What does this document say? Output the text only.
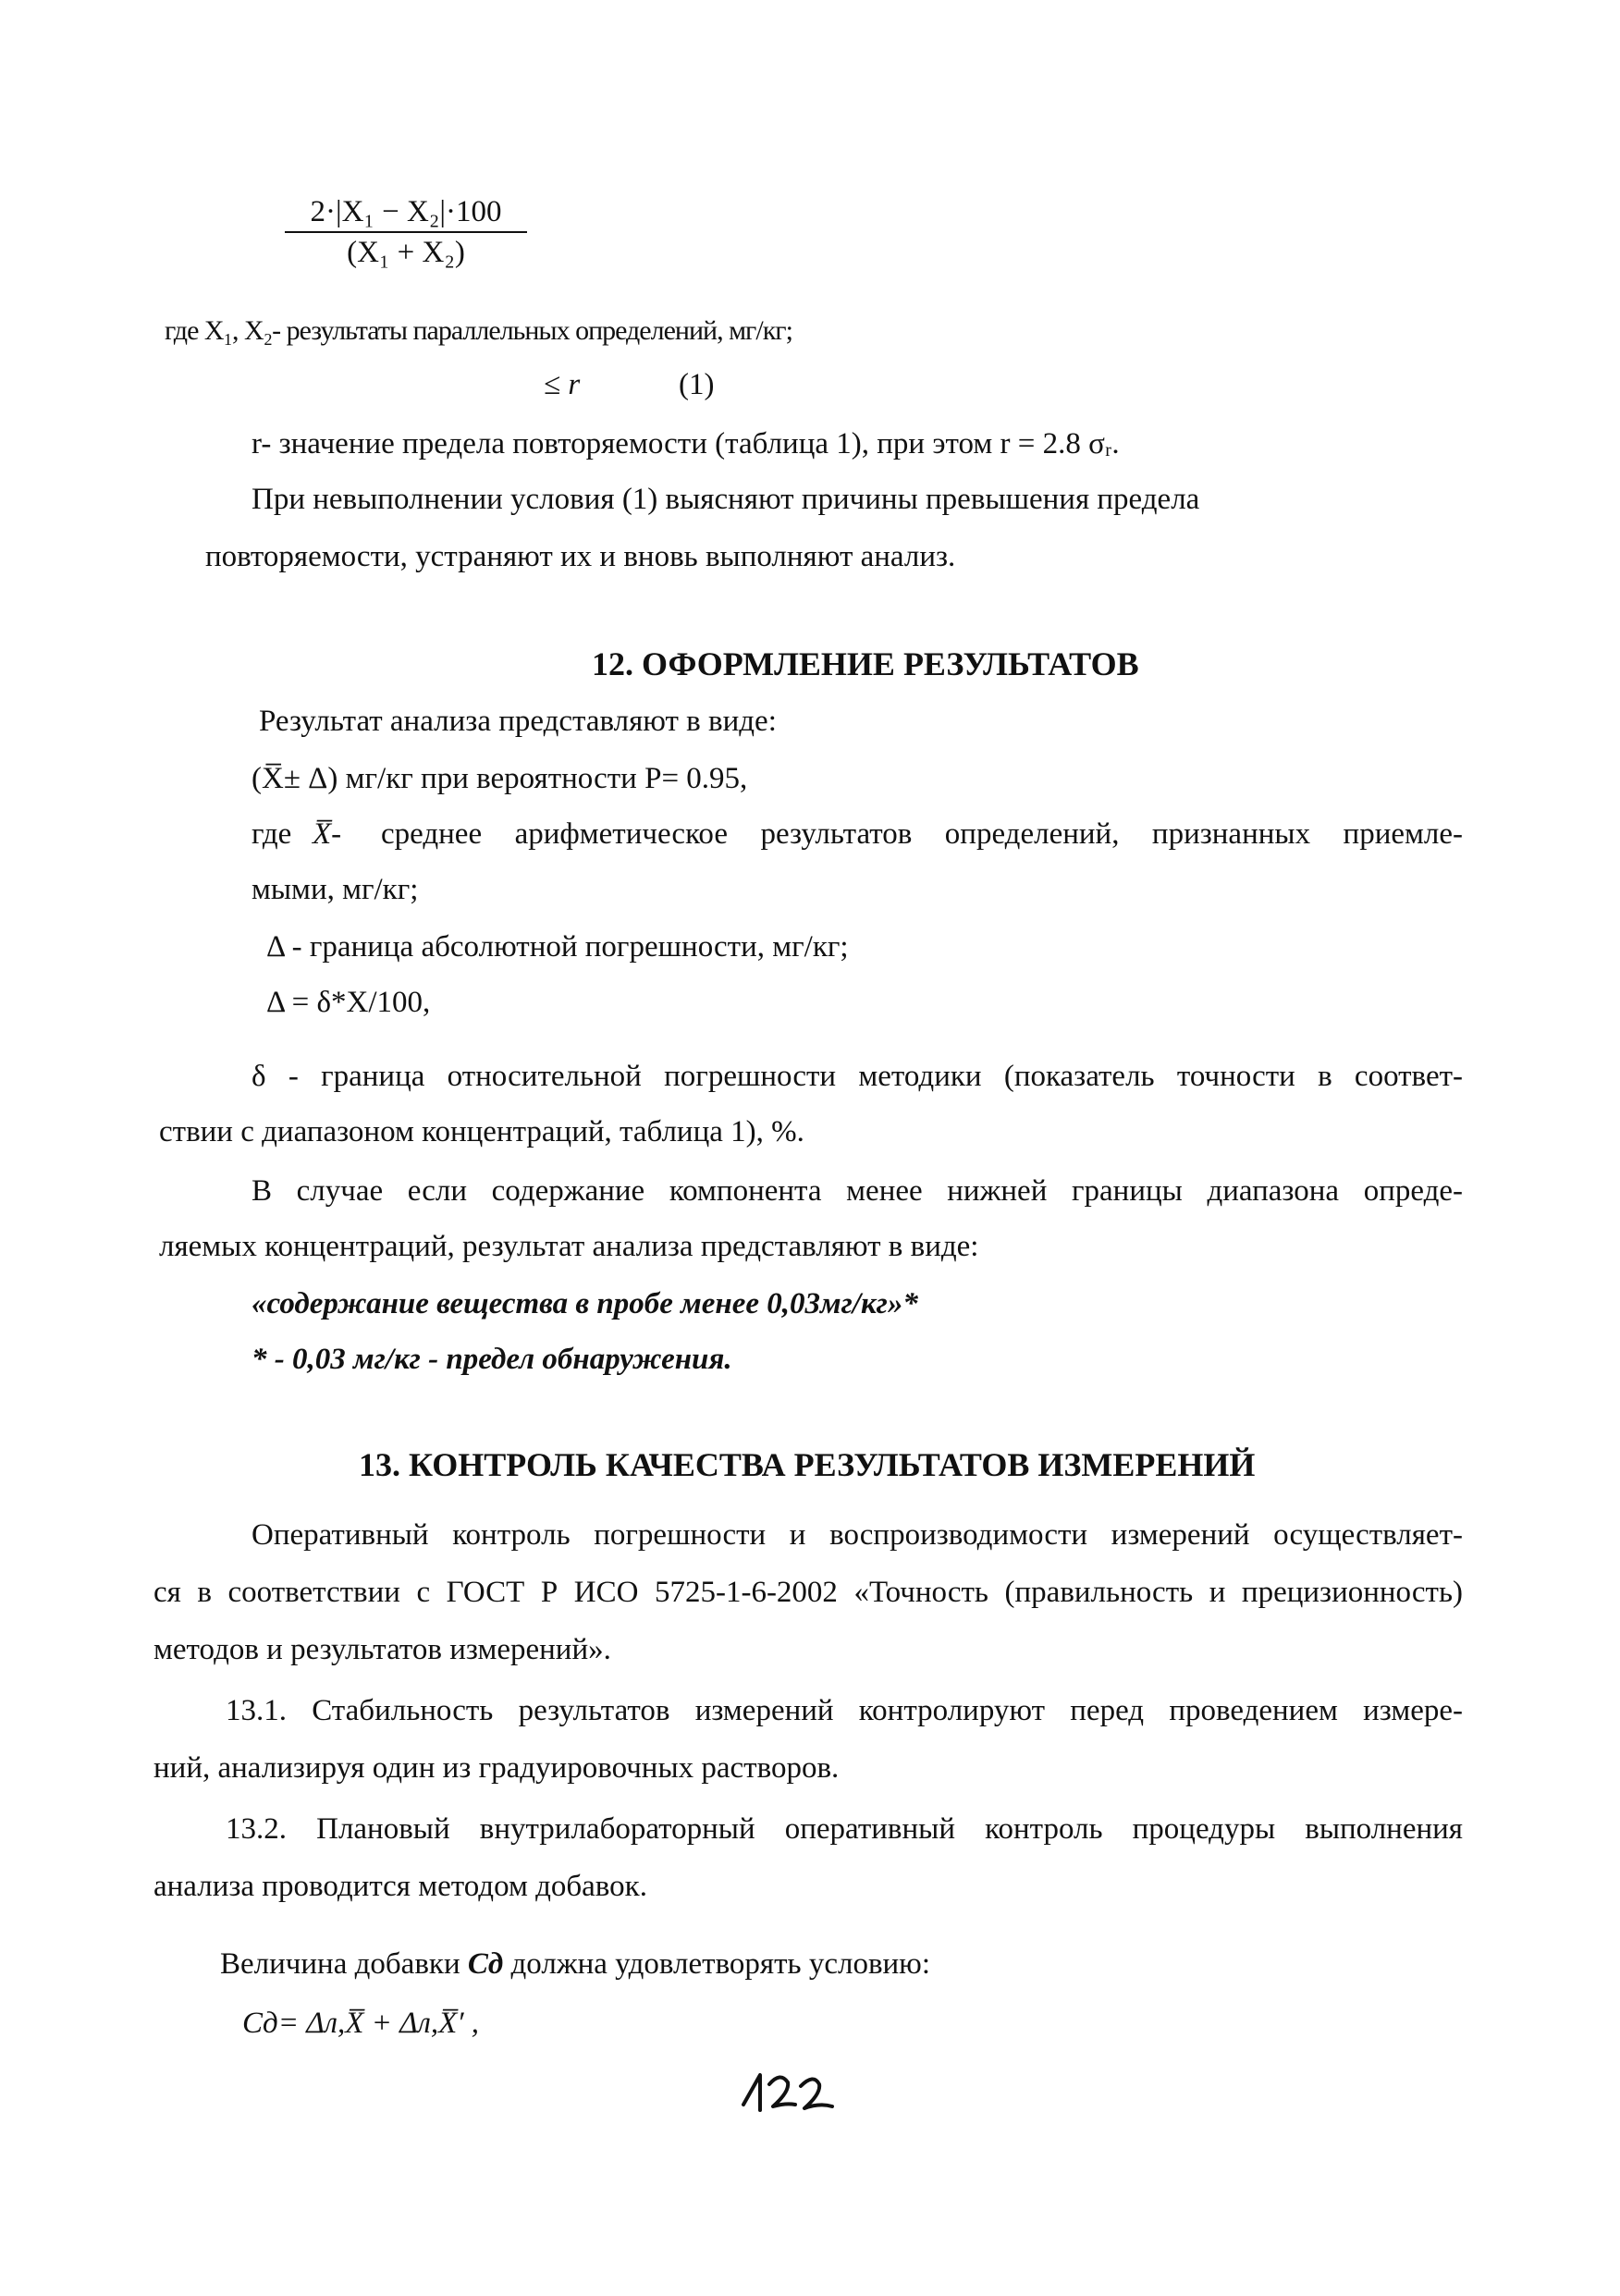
$\frac{\text{2·|X₁ − X₂|·100}}{\text{(X₁ + X₂)}}$
где X₁, X₂- результаты параллельных определений, мг/кг;
≤ r	(1)
r- значение предела повторяемости (таблица 1), при этом r = 2.8 σᵣ.
При невыполнении условия (1) выясняют причины превышения предела
повторяемости, устраняют их и вновь выполняют анализ.
12. ОФОРМЛЕНИЕ РЕЗУЛЬТАТОВ
Результат анализа представляют в виде:
(X̅± Δ) мг/кг при вероятности P= 0.95,
где X̅- среднее арифметическое результатов определений, признанных приемле-
мыми, мг/кг;
Δ - граница абсолютной погрешности, мг/кг;
Δ = δ*X/100,
δ - граница относительной погрешности методики (показатель точности в соответ-
ствии с диапазоном концентраций, таблица 1), %.
В случае если содержание компонента менее нижней границы диапазона опреде-
ляемых концентраций, результат анализа представляют в виде:
«содержание вещества в пробе менее 0,03мг/кг»*
* - 0,03 мг/кг - предел обнаружения.
13. КОНТРОЛЬ КАЧЕСТВА РЕЗУЛЬТАТОВ ИЗМЕРЕНИЙ
Оперативный контроль погрешности и воспроизводимости измерений осуществляет-
ся в соответствии с ГОСТ Р ИСО 5725-1-6-2002 «Точность (правильность и прецизионность)
методов и результатов измерений».
13.1. Стабильность результатов измерений контролируют перед проведением измере-
ний, анализируя один из градуировочных растворов.
13.2. Плановый внутрилабораторный оперативный контроль процедуры выполнения
анализа проводится методом добавок.
Величина добавки Cд должна удовлетворять условию:
Cд= Δл,X̅ + Δл,X̅′ ,
